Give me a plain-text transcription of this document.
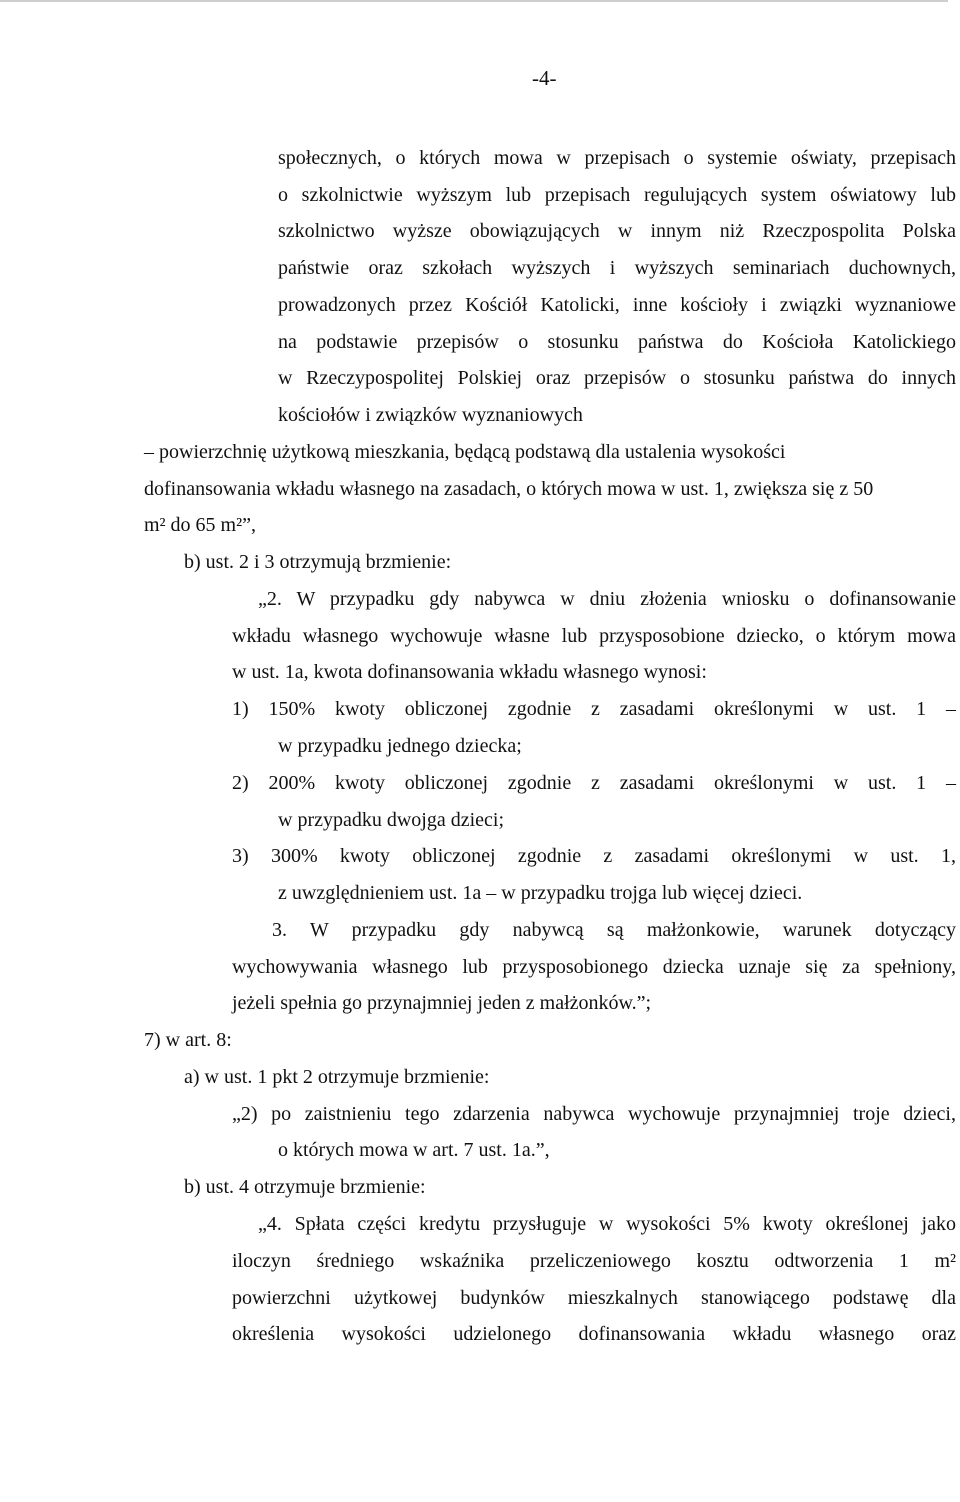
-4-
społecznych, o których mowa w przepisach o systemie oświaty, przepisach
o szkolnictwie wyższym lub przepisach regulujących system oświatowy lub
szkolnictwo wyższe obowiązujących w innym niż Rzeczpospolita Polska
państwie oraz szkołach wyższych i wyższych seminariach duchownych,
prowadzonych przez Kościół Katolicki, inne kościoły i związki wyznaniowe
na podstawie przepisów o stosunku państwa do Kościoła Katolickiego
w Rzeczypospolitej Polskiej oraz przepisów o stosunku państwa do innych
kościołów i związków wyznaniowych
– powierzchnię użytkową mieszkania, będącą podstawą dla ustalenia wysokości
dofinansowania wkładu własnego na zasadach, o których mowa w ust. 1, zwiększa się z 50
m² do 65 m²”,
b) ust. 2 i 3 otrzymują brzmienie:
„2. W przypadku gdy nabywca w dniu złożenia wniosku o dofinansowanie
wkładu własnego wychowuje własne lub przysposobione dziecko, o którym mowa
w ust. 1a, kwota dofinansowania wkładu własnego wynosi:
1) 150% kwoty obliczonej zgodnie z zasadami określonymi w ust. 1 –
w przypadku jednego dziecka;
2) 200% kwoty obliczonej zgodnie z zasadami określonymi w ust. 1 –
w przypadku dwojga dzieci;
3) 300% kwoty obliczonej zgodnie z zasadami określonymi w ust. 1,
z uwzględnieniem ust. 1a – w przypadku trojga lub więcej dzieci.
3. W przypadku gdy nabywcą są małżonkowie, warunek dotyczący
wychowywania własnego lub przysposobionego dziecka uznaje się za spełniony,
jeżeli spełnia go przynajmniej jeden z małżonków.”;
7) w art. 8:
a) w ust. 1 pkt 2 otrzymuje brzmienie:
„2) po zaistnieniu tego zdarzenia nabywca wychowuje przynajmniej troje dzieci,
o których mowa w art. 7 ust. 1a.”,
b) ust. 4 otrzymuje brzmienie:
„4. Spłata części kredytu przysługuje w wysokości 5% kwoty określonej jako
iloczyn średniego wskaźnika przeliczeniowego kosztu odtworzenia 1 m²
powierzchni użytkowej budynków mieszkalnych stanowiącego podstawę dla
określenia wysokości udzielonego dofinansowania wkładu własnego oraz
